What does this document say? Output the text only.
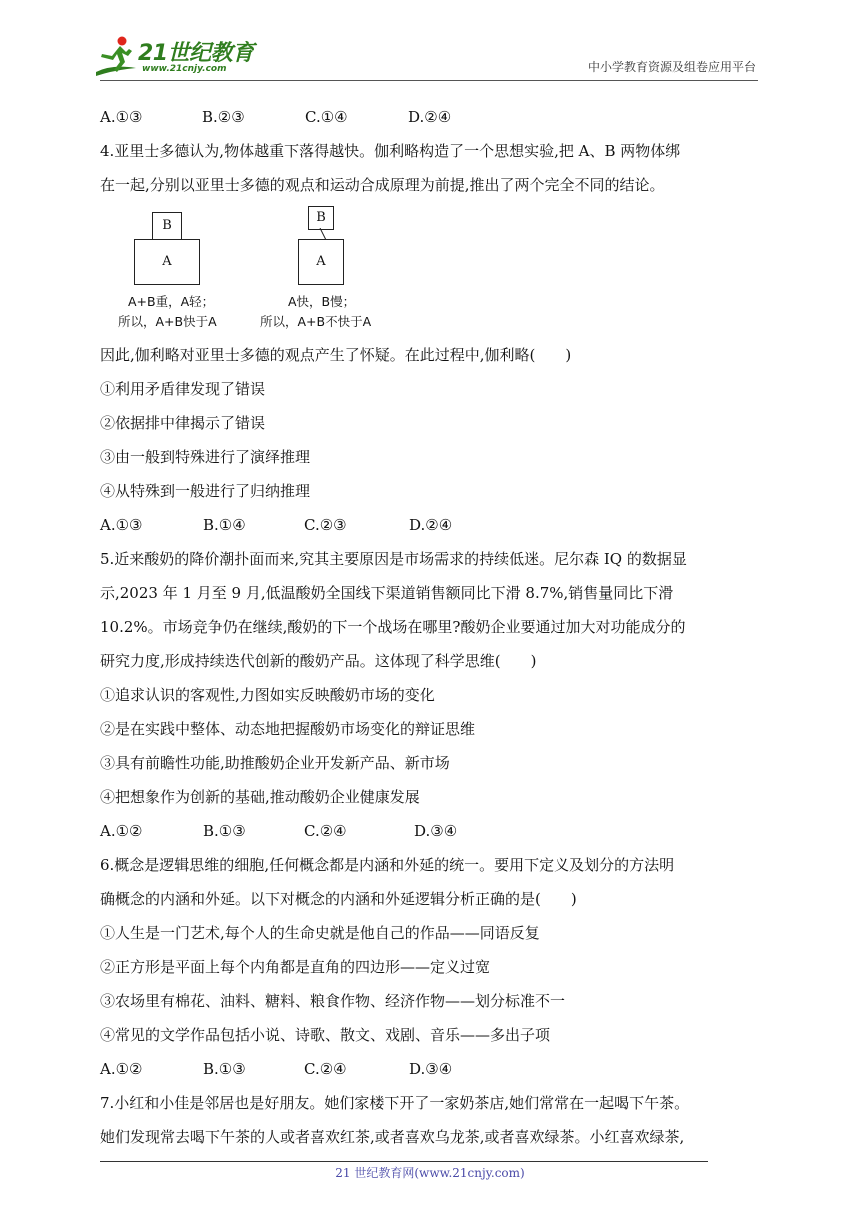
21世纪教育
www.21cnjy.com	中小学教育资源及组卷应用平台
A.①③	B.②③	C.①④	D.②④
4.亚里士多德认为,物体越重下落得越快。伽利略构造了一个思想实验,把 A、B 两物体绑
在一起,分别以亚里士多德的观点和运动合成原理为前提,推出了两个完全不同的结论。
B
A
A+B重，A轻；
所以，A+B快于A
B
A
A快，B慢；
所以，A+B不快于A
因此,伽利略对亚里士多德的观点产生了怀疑。在此过程中,伽利略(　　)
①利用矛盾律发现了错误
②依据排中律揭示了错误
③由一般到特殊进行了演绎推理
④从特殊到一般进行了归纳推理
A.①③	B.①④	C.②③	D.②④
5.近来酸奶的降价潮扑面而来,究其主要原因是市场需求的持续低迷。尼尔森 IQ 的数据显
示,2023 年 1 月至 9 月,低温酸奶全国线下渠道销售额同比下滑 8.7%,销售量同比下滑
10.2%。市场竞争仍在继续,酸奶的下一个战场在哪里?酸奶企业要通过加大对功能成分的
研究力度,形成持续迭代创新的酸奶产品。这体现了科学思维(　　)
①追求认识的客观性,力图如实反映酸奶市场的变化
②是在实践中整体、动态地把握酸奶市场变化的辩证思维
③具有前瞻性功能,助推酸奶企业开发新产品、新市场
④把想象作为创新的基础,推动酸奶企业健康发展
A.①②	B.①③	C.②④	D.③④
6.概念是逻辑思维的细胞,任何概念都是内涵和外延的统一。要用下定义及划分的方法明
确概念的内涵和外延。以下对概念的内涵和外延逻辑分析正确的是(　　)
①人生是一门艺术,每个人的生命史就是他自己的作品——同语反复
②正方形是平面上每个内角都是直角的四边形——定义过宽
③农场里有棉花、油料、糖料、粮食作物、经济作物——划分标准不一
④常见的文学作品包括小说、诗歌、散文、戏剧、音乐——多出子项
A.①②	B.①③	C.②④	D.③④
7.小红和小佳是邻居也是好朋友。她们家楼下开了一家奶茶店,她们常常在一起喝下午茶。
她们发现常去喝下午茶的人或者喜欢红茶,或者喜欢乌龙茶,或者喜欢绿茶。小红喜欢绿茶,
21 世纪教育网(www.21cnjy.com)
